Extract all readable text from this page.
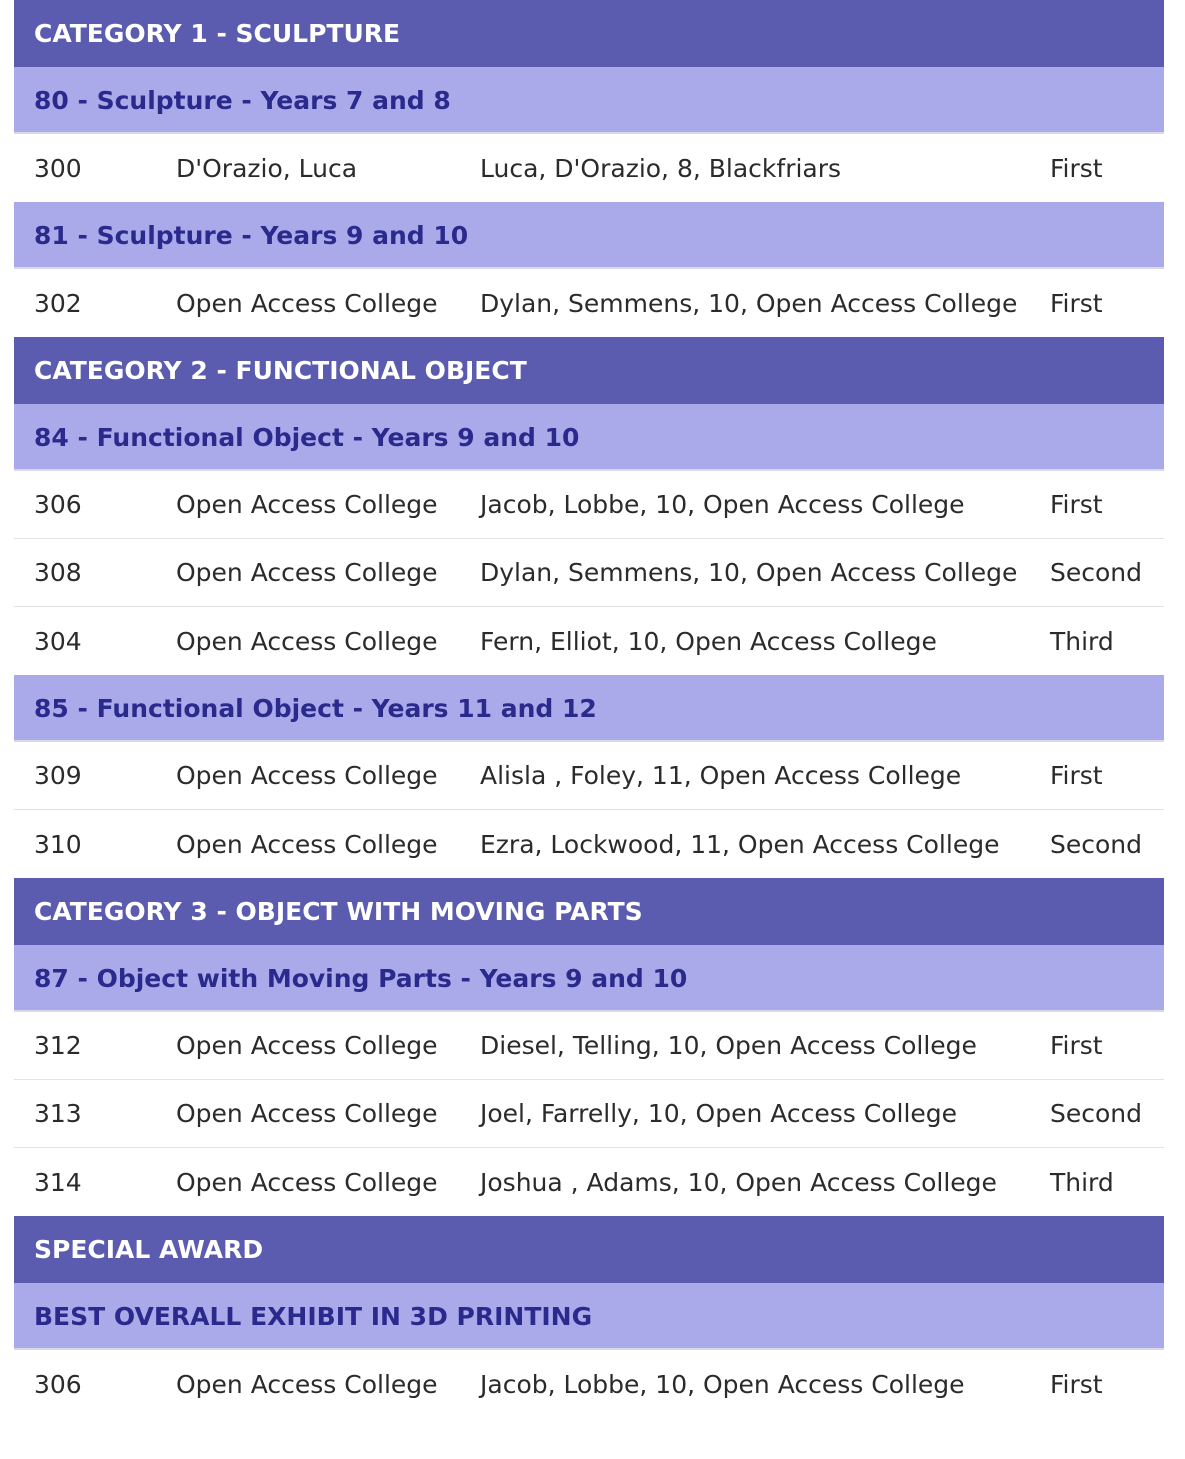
CATEGORY 1 - SCULPTURE
80 - Sculpture - Years 7 and 8
300	D'Orazio, Luca	Luca, D'Orazio, 8, Blackfriars	First
81 - Sculpture - Years 9 and 10
302	Open Access College	Dylan, Semmens, 10, Open Access College	First
CATEGORY 2 - FUNCTIONAL OBJECT
84 - Functional Object - Years 9 and 10
306	Open Access College	Jacob, Lobbe, 10, Open Access College	First
308	Open Access College	Dylan, Semmens, 10, Open Access College	Second
304	Open Access College	Fern, Elliot, 10, Open Access College	Third
85 - Functional Object - Years 11 and 12
309	Open Access College	Alisla , Foley, 11, Open Access College	First
310	Open Access College	Ezra, Lockwood, 11, Open Access College	Second
CATEGORY 3 - OBJECT WITH MOVING PARTS
87 - Object with Moving Parts - Years 9 and 10
312	Open Access College	Diesel, Telling, 10, Open Access College	First
313	Open Access College	Joel, Farrelly, 10, Open Access College	Second
314	Open Access College	Joshua , Adams, 10, Open Access College	Third
SPECIAL AWARD
BEST OVERALL EXHIBIT IN 3D PRINTING
306	Open Access College	Jacob, Lobbe, 10, Open Access College	First
